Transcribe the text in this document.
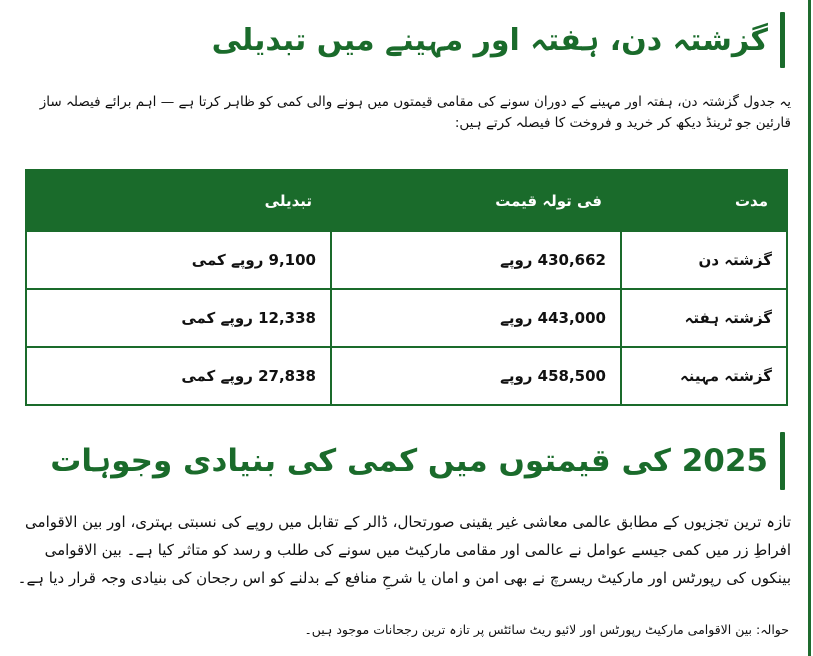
گزشتہ دن، ہفتہ اور مہینے میں تبدیلی

یہ جدول گزشتہ دن، ہفتہ اور مہینے کے دوران سونے کی مقامی قیمتوں میں ہونے والی کمی کو ظاہر کرتا ہے — اہم برائے فیصلہ ساز قارئین جو ٹرینڈ دیکھ کر خرید و فروخت کا فیصلہ کرتے ہیں:

مدت	فی تولہ قیمت	تبدیلی
گزشتہ دن	430,662 روپے	9,100 روپے کمی
گزشتہ ہفتہ	443,000 روپے	12,338 روپے کمی
گزشتہ مہینہ	458,500 روپے	27,838 روپے کمی
2025 کی قیمتوں میں کمی کی بنیادی وجوہات

تازہ ترین تجزیوں کے مطابق عالمی معاشی غیر یقینی صورتحال، ڈالر کے تقابل میں روپے کی نسبتی بہتری، اور بین الاقوامی افراطِ زر میں کمی جیسے عوامل نے عالمی اور مقامی مارکیٹ میں سونے کی طلب و رسد کو متاثر کیا ہے۔ بین الاقوامی بینکوں کی رپورٹس اور مارکیٹ ریسرچ نے بھی امن و امان یا شرحِ منافع کے بدلنے کو اس رجحان کی بنیادی وجہ قرار دیا ہے۔

حوالہ: بین الاقوامی مارکیٹ رپورٹس اور لائیو ریٹ سائٹس پر تازہ ترین رجحانات موجود ہیں۔
